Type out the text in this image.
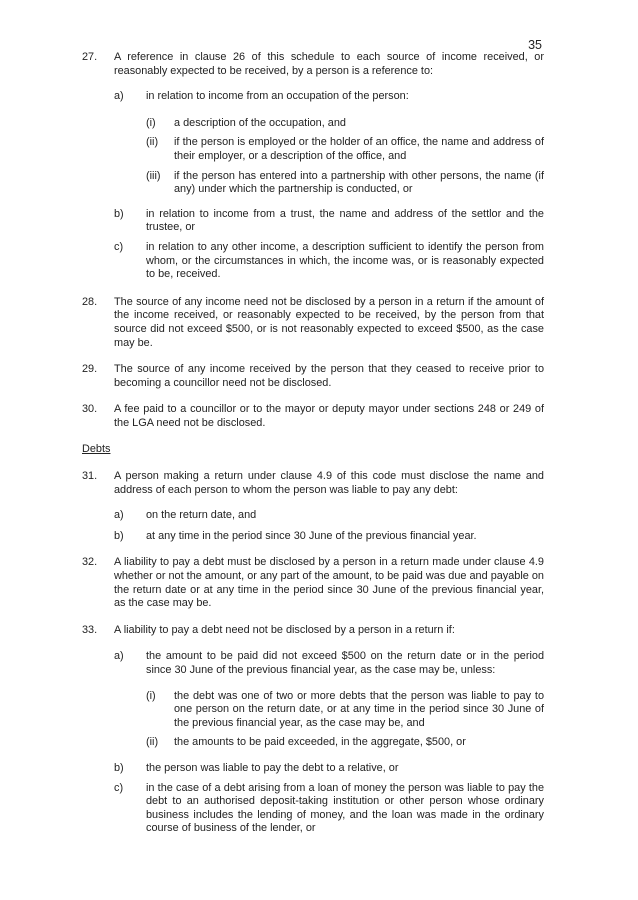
35
27. A reference in clause 26 of this schedule to each source of income received, or reasonably expected to be received, by a person is a reference to:
a) in relation to income from an occupation of the person:
(i) a description of the occupation, and
(ii) if the person is employed or the holder of an office, the name and address of their employer, or a description of the office, and
(iii) if the person has entered into a partnership with other persons, the name (if any) under which the partnership is conducted, or
b) in relation to income from a trust, the name and address of the settlor and the trustee, or
c) in relation to any other income, a description sufficient to identify the person from whom, or the circumstances in which, the income was, or is reasonably expected to be, received.
28. The source of any income need not be disclosed by a person in a return if the amount of the income received, or reasonably expected to be received, by the person from that source did not exceed $500, or is not reasonably expected to exceed $500, as the case may be.
29. The source of any income received by the person that they ceased to receive prior to becoming a councillor need not be disclosed.
30. A fee paid to a councillor or to the mayor or deputy mayor under sections 248 or 249 of the LGA need not be disclosed.
Debts
31. A person making a return under clause 4.9 of this code must disclose the name and address of each person to whom the person was liable to pay any debt:
a) on the return date, and
b) at any time in the period since 30 June of the previous financial year.
32. A liability to pay a debt must be disclosed by a person in a return made under clause 4.9 whether or not the amount, or any part of the amount, to be paid was due and payable on the return date or at any time in the period since 30 June of the previous financial year, as the case may be.
33. A liability to pay a debt need not be disclosed by a person in a return if:
a) the amount to be paid did not exceed $500 on the return date or in the period since 30 June of the previous financial year, as the case may be, unless:
(i) the debt was one of two or more debts that the person was liable to pay to one person on the return date, or at any time in the period since 30 June of the previous financial year, as the case may be, and
(ii) the amounts to be paid exceeded, in the aggregate, $500, or
b) the person was liable to pay the debt to a relative, or
c) in the case of a debt arising from a loan of money the person was liable to pay the debt to an authorised deposit-taking institution or other person whose ordinary business includes the lending of money, and the loan was made in the ordinary course of business of the lender, or
